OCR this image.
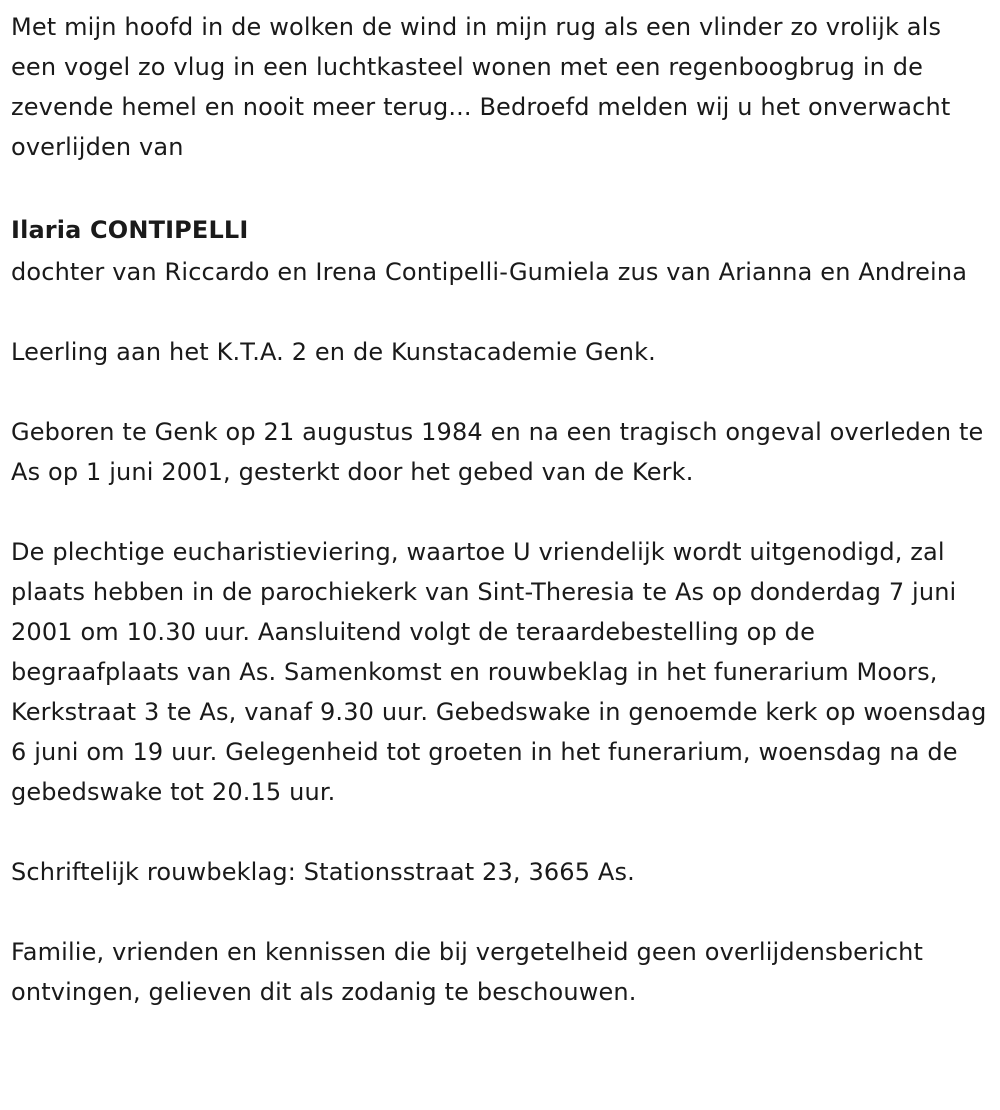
Met mijn hoofd in de wolken de wind in mijn rug als een vlinder zo vrolijk als een vogel zo vlug in een luchtkasteel wonen met een regenboogbrug in de zevende hemel en nooit meer terug... Bedroefd melden wij u het onverwacht overlijden van

Ilaria CONTIPELLI

dochter van Riccardo en Irena Contipelli-Gumiela zus van Arianna en Andreina

Leerling aan het K.T.A. 2 en de Kunstacademie Genk.

Geboren te Genk op 21 augustus 1984 en na een tragisch ongeval overleden te As op 1 juni 2001, gesterkt door het gebed van de Kerk.

De plechtige eucharistieviering, waartoe U vriendelijk wordt uitgenodigd, zal plaats hebben in de parochiekerk van Sint-Theresia te As op donderdag 7 juni 2001 om 10.30 uur. Aansluitend volgt de teraardebestelling op de begraafplaats van As. Samenkomst en rouwbeklag in het funerarium Moors, Kerkstraat 3 te As, vanaf 9.30 uur. Gebedswake in genoemde kerk op woensdag 6 juni om 19 uur. Gelegenheid tot groeten in het funerarium, woensdag na de gebedswake tot 20.15 uur.

Schriftelijk rouwbeklag: Stationsstraat 23, 3665 As.

Familie, vrienden en kennissen die bij vergetelheid geen overlijdensbericht ontvingen, gelieven dit als zodanig te beschouwen.
